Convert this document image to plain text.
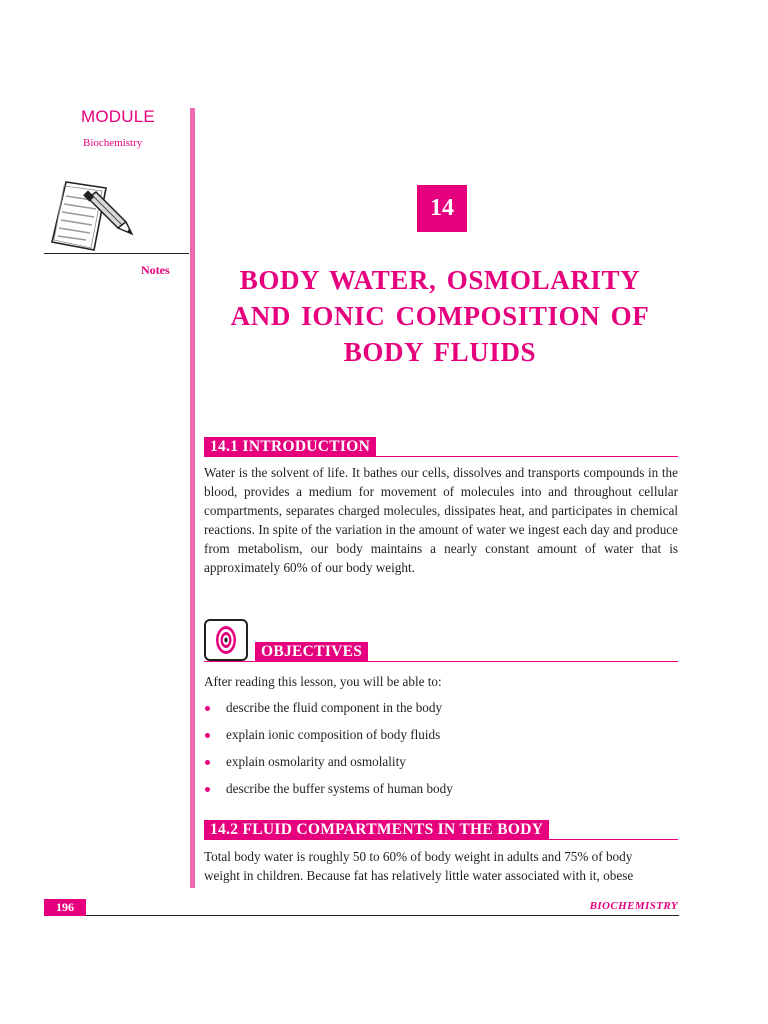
MODULE
Biochemistry
Notes
14
BODY WATER, OSMOLARITY
AND IONIC COMPOSITION OF
BODY FLUIDS
14.1 INTRODUCTION
Water is the solvent of life. It bathes our cells, dissolves and transports compounds in the blood, provides a medium for movement of molecules into and throughout cellular compartments, separates charged molecules, dissipates heat, and participates in chemical reactions. In spite of the variation in the amount of water we ingest each day and produce from metabolism, our body maintains a nearly constant amount of water that is approximately 60% of our body weight.
OBJECTIVES
After reading this lesson, you will be able to:
describe the fluid component in the body
explain ionic composition of body fluids
explain osmolarity and osmolality
describe the buffer systems of human body
14.2 FLUID COMPARTMENTS IN THE BODY
Total body water is roughly 50 to 60% of body weight in adults and 75% of body
weight in children. Because fat has relatively little water associated with it, obese
196	BIOCHEMISTRY
